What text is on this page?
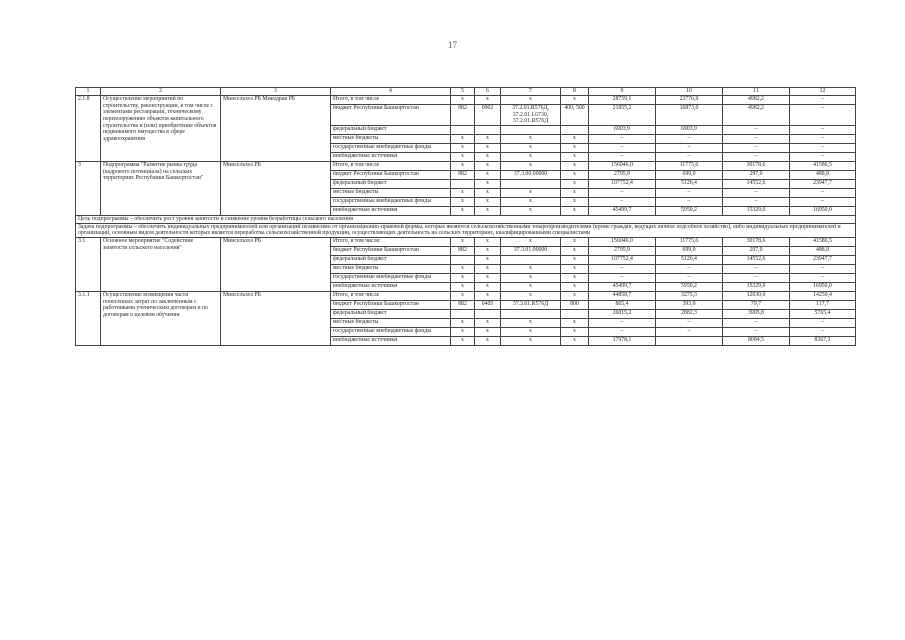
17
1	2	3	4	5	6	7	8	9	10	11	12
2.1.8	Осуществление мероприятий по строительству, реконструкции, в том числе с элементами реставрации, техническому перевооружению объектов капитального строительства и (или) приобретение объектов недвижимого имущества в сфере здравоохранения	Минсельхоз РБ Минздрав РБ	Итого, в том числе	х	х	х	х	28759,1	23776,9	4982,2	–
			бюджет Республики Башкортостан	882	0902	37.2.01.R576Д, 37.2.01.L6730, 37.2.01.R576Д	400, 500	21855,2	16873,0	4982,2	–
			федеральный бюджет					6903,9	6903,9	–	–
			местные бюджеты	х	х	х	х	–	–	–	–
			государственные внебюджетные фонды	х	х	х	х	–	–	–	–
			внебюджетные источники	х	х	х	х	–	–	–	–
3	Подпрограмма "Развитие рынка труда (кадрового потенциала) на сельских территориях Республики Башкортостан"	Минсельхоз РБ	Итого, в том числе	х	х	х	х	156046,0	11775,6	30178,6	41586,5
			бюджет Республики Башкортостан	882	х	37.3.00.00000	х	2795,9	699,0	297,0	488,8
			федеральный бюджет		х		х	107752,4	5126,4	14552,6	23947,7
			местные бюджеты	х	х	х	х	–	–	–	–
			государственные внебюджетные фонды	х	х	х	х	–	–	–	–
			внебюджетные источники	х	х	х	х	45499,7	5950,2	15329,0	16950,0
Цель подпрограммы – обеспечить рост уровня занятости и снижение уровня безработицы сельского населения											
Задача подпрограммы – обеспечить индивидуальных предпринимателей или организаций независимо от организационно-правовой формы, которые являются сельскохозяйственными товаропроизводителями (кроме граждан, ведущих личное подсобное хозяйство), либо индивидуальных предпринимателей и организаций, основным видом деятельности которых является переработка сельскохозяйственной продукции, осуществляющих деятельность на сельских территориях, квалифицированными специалистами											
3.1	Основное мероприятие "Содействие занятости сельского населения"	Минсельхоз РБ	Итого, в том числе:	х	х	х	х	156046,0	11775,6	30178,6	41586,5
			бюджет Республики Башкортостан	882	х	37.3.01.00000	х	2795,9	699,0	297,0	488,8
			федеральный бюджет		х		х	107752,4	5126,4	14552,6	23947,7
			местные бюджеты	х	х	х	х	–	–	–	–
			государственные внебюджетные фонды	х	х	х	х	–	–	–	–
			внебюджетные источники	х	х	х	х	45499,7	5950,2	15329,0	16950,0
3.1.1	Осуществление возмещения части понесенных затрат по заключенным с работниками ученическим договорам и по договорам о целевом обучении	Минсельхоз РБ	Итого, в том числе	х	х	х	х	44858,7	3275,3	12030,0	14250,4
			бюджет Республики Башкортостан	882	0405	37.3.01.R576Д	800	865,4	393,0	79,7	117,7
			федеральный бюджет					26015,2	2882,3	3905,8	5765,4
			местные бюджеты	х	х	х	х	–	–	–	–
			государственные внебюджетные фонды	х	х	х	х	–	–	–	–
			внебюджетные источники	х	х	х	х	17978,1		8084,5	8367,3
